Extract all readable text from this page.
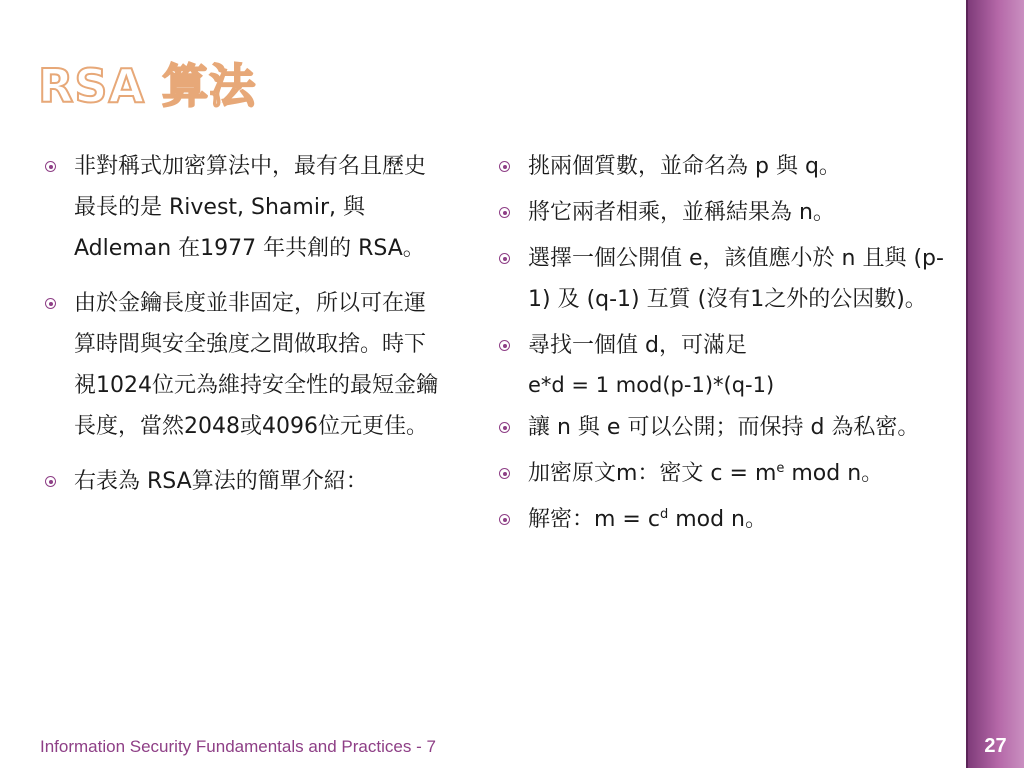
RSA 算法
非對稱式加密算法中，最有名且歷史最長的是 Rivest, Shamir, 與 Adleman 在1977 年共創的 RSA。
由於金鑰長度並非固定，所以可在運算時間與安全強度之間做取捨。時下視1024位元為維持安全性的最短金鑰長度，當然2048或4096位元更佳。
右表為 RSA算法的簡單介紹：
挑兩個質數，並命名為 p 與 q。
將它兩者相乘，並稱結果為 n。
選擇一個公開值 e，該值應小於 n 且與 (p-1) 及 (q-1) 互質 (沒有1之外的公因數)。
尋找一個值 d，可滿足
e*d = 1 mod(p-1)*(q-1)
讓 n 與 e 可以公開；而保持 d 為私密。
加密原文m：密文 $c = m^e$ mod n。
解密：$m = c^d$ mod n。
Information Security Fundamentals and Practices - 7	27
